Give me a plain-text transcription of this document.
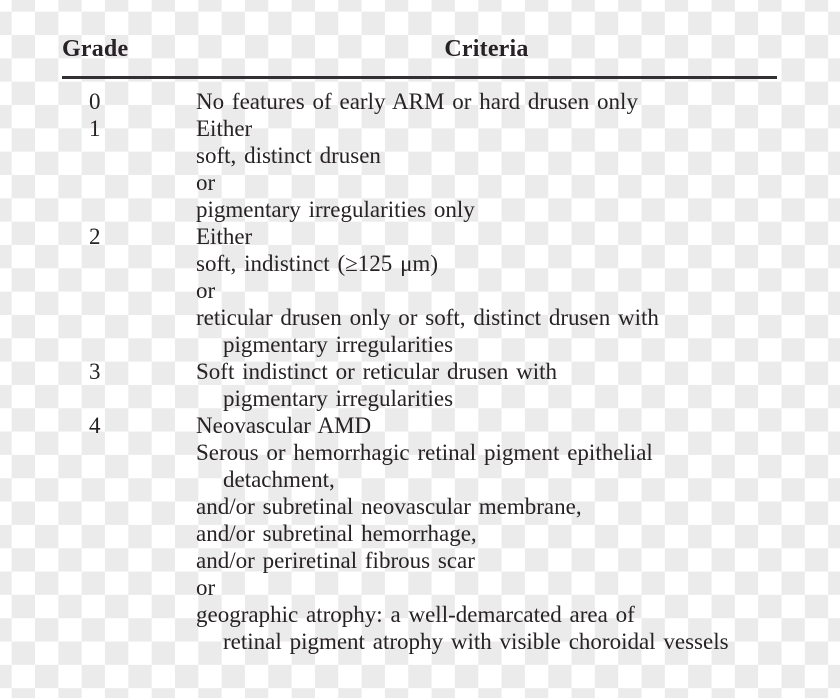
Grade	Criteria
0	No features of early ARM or hard drusen only
1	Either
soft, distinct drusen
or
pigmentary irregularities only
2	Either
soft, indistinct (≥125 μm)
or
reticular drusen only or soft, distinct drusen with
pigmentary irregularities
3	Soft indistinct or reticular drusen with
pigmentary irregularities
4	Neovascular AMD
Serous or hemorrhagic retinal pigment epithelial
detachment,
and/or subretinal neovascular membrane,
and/or subretinal hemorrhage,
and/or periretinal fibrous scar
or
geographic atrophy: a well-demarcated area of
retinal pigment atrophy with visible choroidal vessels
